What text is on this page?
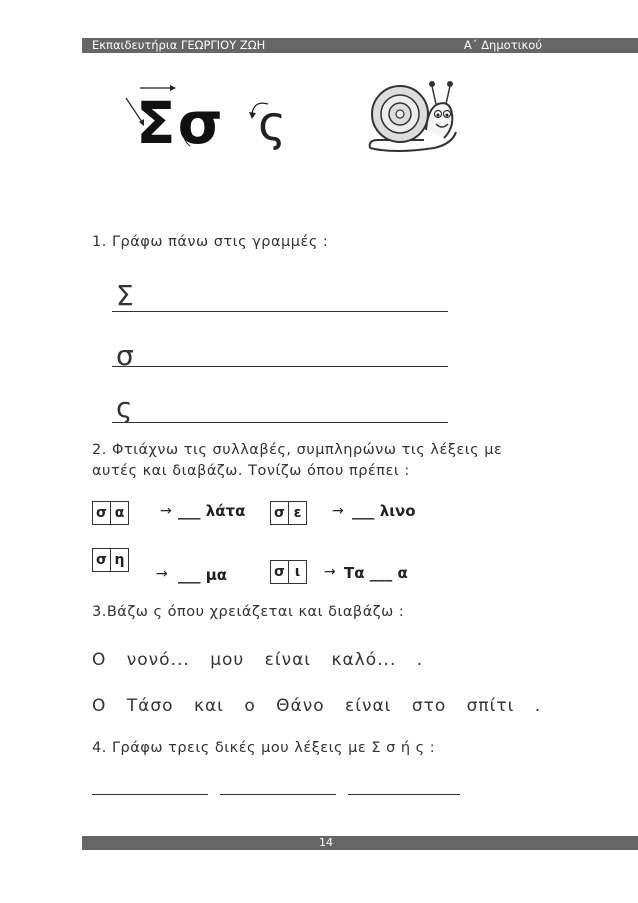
Εκπαιδευτήρια ΓΕΩΡΓΙΟΥ ΖΩΗ	Α΄ Δημοτικού
Σσ ς
1. Γράφω πάνω στις γραμμές :
Σ
σ
ς
2. Φτιάχνω τις συλλαβές, συμπληρώνω τις λέξεις με
αυτές και διαβάζω. Τονίζω όπου πρέπει :
σ α	→ ___ λάτα σ ε	→ ___ λινο
σ η
→ ___ μα	σ ι	→ Τα ___ α
3.Βάζω ς όπου χρειάζεται και διαβάζω :
Ο νονό... μου είναι καλό... .
Ο Τάσο και ο Θάνο είναι στο σπίτι .
4. Γράφω τρεις δικές μου λέξεις με Σ σ ή ς :
14
